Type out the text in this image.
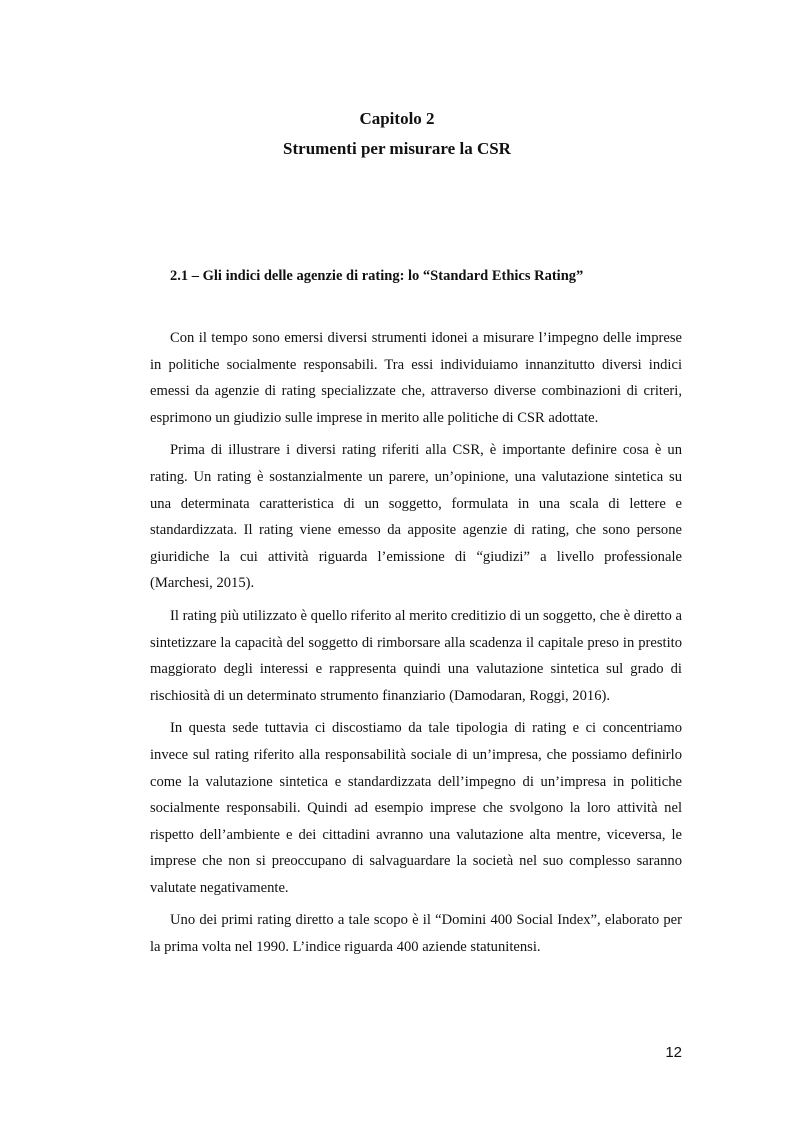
Capitolo 2

Strumenti per misurare la CSR

2.1 – Gli indici delle agenzie di rating: lo “Standard Ethics Rating”

Con il tempo sono emersi diversi strumenti idonei a misurare l’impegno delle imprese in politiche socialmente responsabili. Tra essi individuiamo innanzitutto diversi indici emessi da agenzie di rating specializzate che, attraverso diverse combinazioni di criteri, esprimono un giudizio sulle imprese in merito alle politiche di CSR adottate.

Prima di illustrare i diversi rating riferiti alla CSR, è importante definire cosa è un rating. Un rating è sostanzialmente un parere, un’opinione, una valutazione sintetica su una determinata caratteristica di un soggetto, formulata in una scala di lettere e standardizzata. Il rating viene emesso da apposite agenzie di rating, che sono persone giuridiche la cui attività riguarda l’emissione di “giudizi” a livello professionale (Marchesi, 2015).

Il rating più utilizzato è quello riferito al merito creditizio di un soggetto, che è diretto a sintetizzare la capacità del soggetto di rimborsare alla scadenza il capitale preso in prestito maggiorato degli interessi e rappresenta quindi una valutazione sintetica sul grado di rischiosità di un determinato strumento finanziario (Damodaran, Roggi, 2016).

In questa sede tuttavia ci discostiamo da tale tipologia di rating e ci concentriamo invece sul rating riferito alla responsabilità sociale di un’impresa, che possiamo definirlo come la valutazione sintetica e standardizzata dell’impegno di un’impresa in politiche socialmente responsabili. Quindi ad esempio imprese che svolgono la loro attività nel rispetto dell’ambiente e dei cittadini avranno una valutazione alta mentre, viceversa, le imprese che non si preoccupano di salvaguardare la società nel suo complesso saranno valutate negativamente.

Uno dei primi rating diretto a tale scopo è il “Domini 400 Social Index”, elaborato per la prima volta nel 1990. L’indice riguarda 400 aziende statunitensi.

12
